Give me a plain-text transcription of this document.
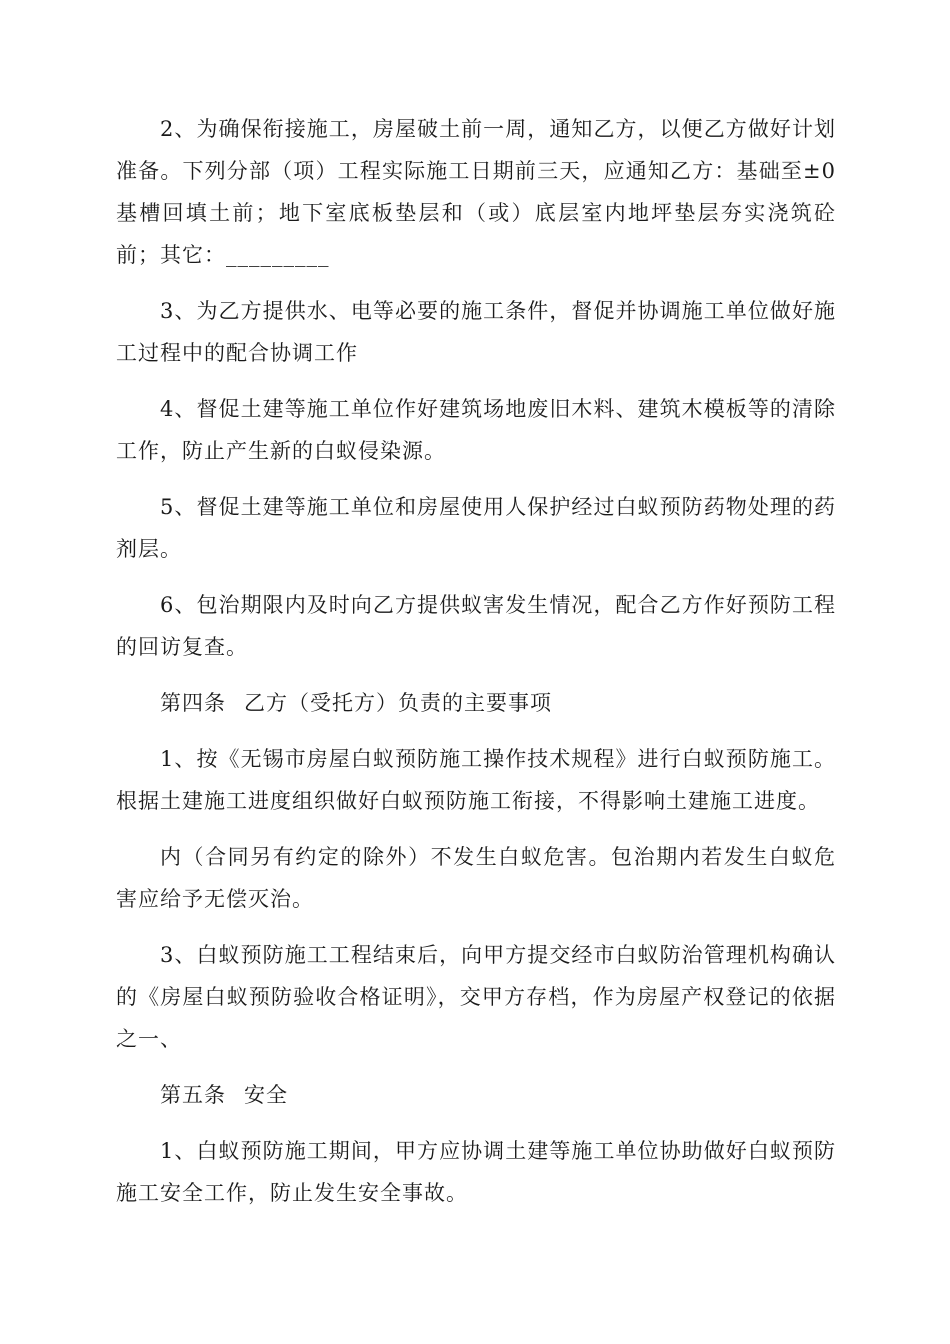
2、为确保衔接施工，房屋破土前一周，通知乙方，以便乙方做好计划准备。下列分部（项）工程实际施工日期前三天，应通知乙方：基础至±0基槽回填土前；地下室底板垫层和（或）底层室内地坪垫层夯实浇筑砼前；其它：_________

3、为乙方提供水、电等必要的施工条件，督促并协调施工单位做好施工过程中的配合协调工作

4、督促土建等施工单位作好建筑场地废旧木料、建筑木模板等的清除工作，防止产生新的白蚁侵染源。

5、督促土建等施工单位和房屋使用人保护经过白蚁预防药物处理的药剂层。

6、包治期限内及时向乙方提供蚁害发生情况，配合乙方作好预防工程的回访复查。

第四条 乙方（受托方）负责的主要事项

1、按《无锡市房屋白蚁预防施工操作技术规程》进行白蚁预防施工。根据土建施工进度组织做好白蚁预防施工衔接，不得影响土建施工进度。

内（合同另有约定的除外）不发生白蚁危害。包治期内若发生白蚁危害应给予无偿灭治。

3、白蚁预防施工工程结束后，向甲方提交经市白蚁防治管理机构确认的《房屋白蚁预防验收合格证明》，交甲方存档，作为房屋产权登记的依据之一、

第五条 安全

1、白蚁预防施工期间，甲方应协调土建等施工单位协助做好白蚁预防施工安全工作，防止发生安全事故。
